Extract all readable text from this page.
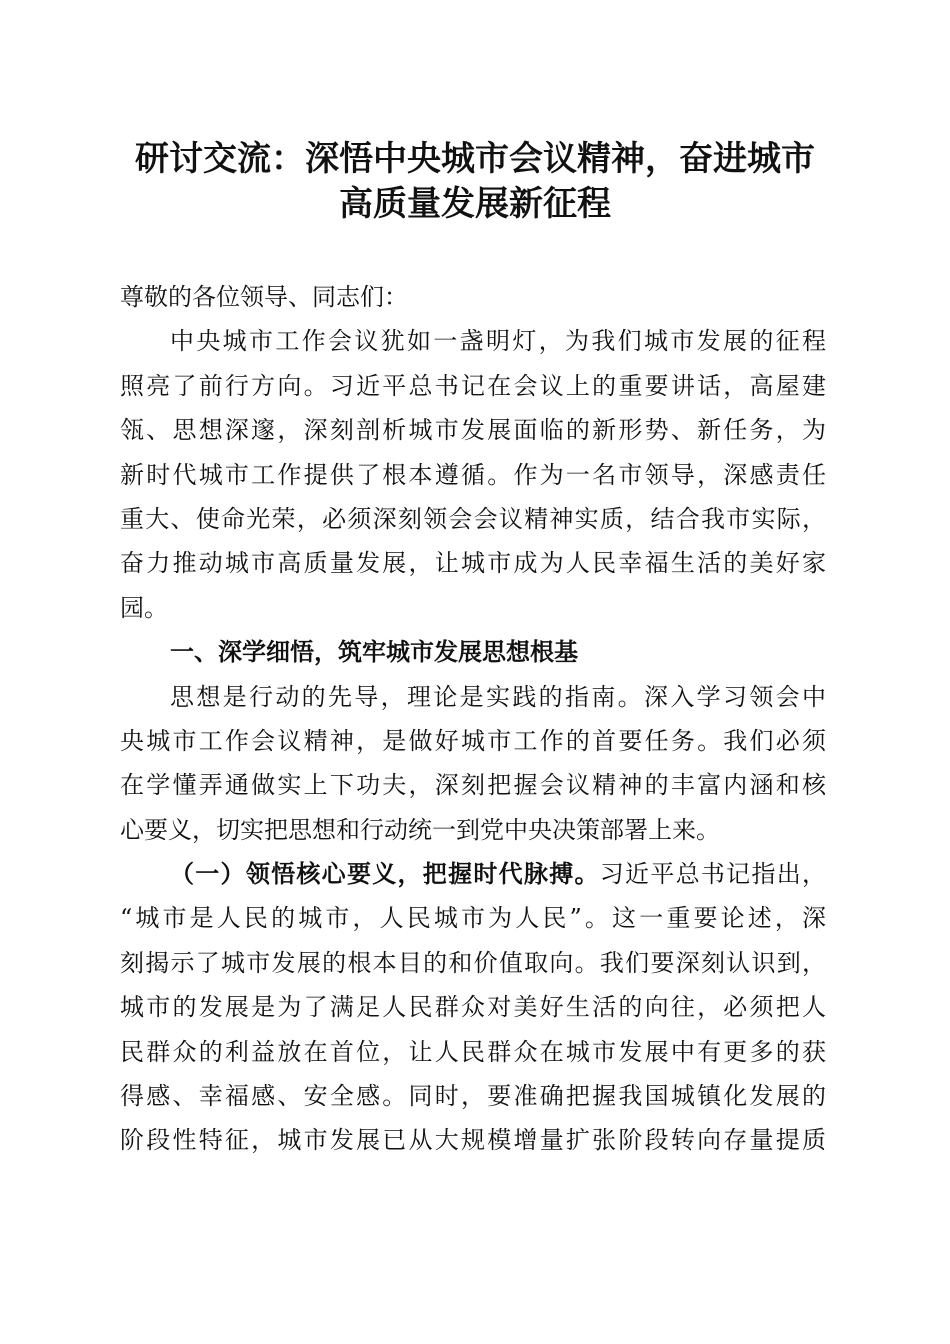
研讨交流：深悟中央城市会议精神，奋进城市
高质量发展新征程
尊敬的各位领导、同志们：
中央城市工作会议犹如一盏明灯，为我们城市发展的征程
照亮了前行方向。习近平总书记在会议上的重要讲话，高屋建
瓴、思想深邃，深刻剖析城市发展面临的新形势、新任务，为
新时代城市工作提供了根本遵循。作为一名市领导，深感责任
重大、使命光荣，必须深刻领会会议精神实质，结合我市实际，
奋力推动城市高质量发展，让城市成为人民幸福生活的美好家
园。
一、深学细悟，筑牢城市发展思想根基
思想是行动的先导，理论是实践的指南。深入学习领会中
央城市工作会议精神，是做好城市工作的首要任务。我们必须
在学懂弄通做实上下功夫，深刻把握会议精神的丰富内涵和核
心要义，切实把思想和行动统一到党中央决策部署上来。
（一）领悟核心要义，把握时代脉搏。习近平总书记指出，
“城市是人民的城市，人民城市为人民”。这一重要论述，深
刻揭示了城市发展的根本目的和价值取向。我们要深刻认识到，
城市的发展是为了满足人民群众对美好生活的向往，必须把人
民群众的利益放在首位，让人民群众在城市发展中有更多的获
得感、幸福感、安全感。同时，要准确把握我国城镇化发展的
阶段性特征，城市发展已从大规模增量扩张阶段转向存量提质
